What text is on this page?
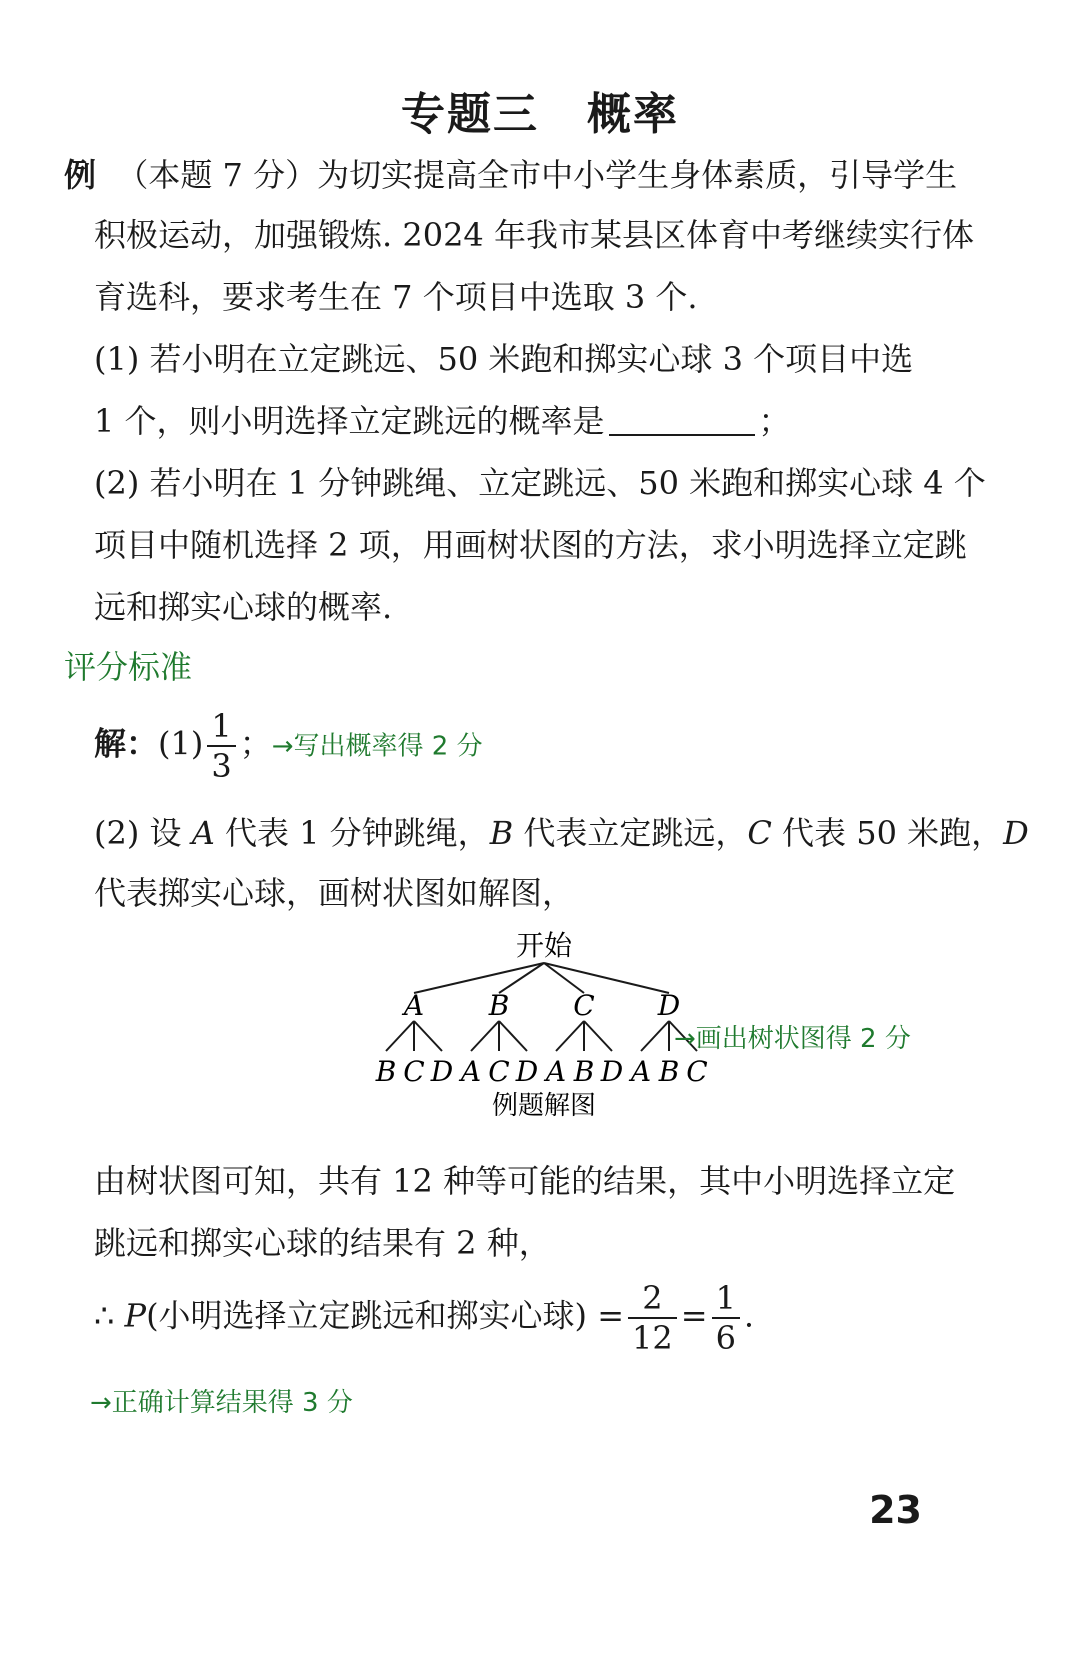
专题三 概率
例 （本题 7 分）为切实提高全市中小学生身体素质，引导学生
积极运动，加强锻炼. 2024 年我市某县区体育中考继续实行体
育选科，要求考生在 7 个项目中选取 3 个.
(1) 若小明在立定跳远、50 米跑和掷实心球 3 个项目中选
1 个，则小明选择立定跳远的概率是	；
(2) 若小明在 1 分钟跳绳、立定跳远、50 米跑和掷实心球 4 个
项目中随机选择 2 项，用画树状图的方法，求小明选择立定跳
远和掷实心球的概率.
评分标准
解：$(1) \frac{1}{3}$ ；→写出概率得 2 分
(2) 设 A 代表 1 分钟跳绳，B 代表立定跳远，C 代表 50 米跑，D
代表掷实心球，画树状图如解图，
开始
A
B C D
B
A C D
C
A B D
D
A B C
例题解图
→画出树状图得 2 分
由树状图可知，共有 12 种等可能的结果，其中小明选择立定
跳远和掷实心球的结果有 2 种，
∴ P(小明选择立定跳远和掷实心球) = $\frac{2}{12} = \frac{1}{6}$ .
→正确计算结果得 3 分
23
